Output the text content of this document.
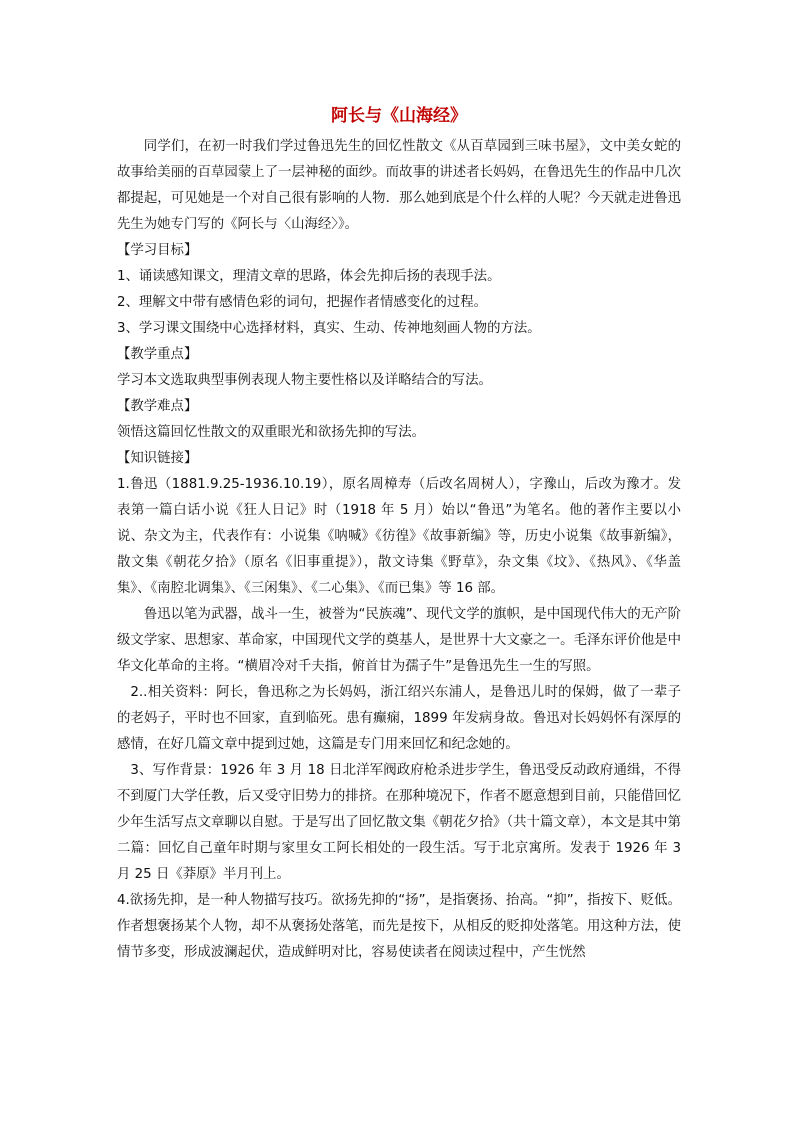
阿长与《山海经》

同学们，在初一时我们学过鲁迅先生的回忆性散文《从百草园到三味书屋》，文中美女蛇的故事给美丽的百草园蒙上了一层神秘的面纱。而故事的讲述者长妈妈，在鲁迅先生的作品中几次都提起，可见她是一个对自己很有影响的人物．那么她到底是个什么样的人呢？今天就走进鲁迅先生为她专门写的《阿长与〈山海经〉》。

【学习目标】

1、诵读感知课文，理清文章的思路，体会先抑后扬的表现手法。

2、理解文中带有感情色彩的词句，把握作者情感变化的过程。

3、学习课文围绕中心选择材料，真实、生动、传神地刻画人物的方法。

【教学重点】

学习本文选取典型事例表现人物主要性格以及详略结合的写法。

【教学难点】

领悟这篇回忆性散文的双重眼光和欲扬先抑的写法。

【知识链接】

1.鲁迅（1881.9.25-1936.10.19），原名周樟寿（后改名周树人），字豫山，后改为豫才。发表第一篇白话小说《狂人日记》时（1918 年 5 月）始以“鲁迅”为笔名。他的著作主要以小说、杂文为主，代表作有：小说集《呐喊》《彷徨》《故事新编》等，历史小说集《故事新编》，散文集《朝花夕拾》（原名《旧事重提》），散文诗集《野草》，杂文集《坟》、《热风》、《华盖集》、《南腔北调集》、《三闲集》、《二心集》、《而已集》等 16 部。

鲁迅以笔为武器，战斗一生，被誉为“民族魂”、现代文学的旗帜，是中国现代伟大的无产阶级文学家、思想家、革命家，中国现代文学的奠基人，是世界十大文豪之一。毛泽东评价他是中华文化革命的主将。“横眉冷对千夫指，俯首甘为孺子牛”是鲁迅先生一生的写照。

2..相关资料：阿长，鲁迅称之为长妈妈，浙江绍兴东浦人，是鲁迅儿时的保姆，做了一辈子的老妈子，平时也不回家，直到临死。患有癫痫，1899 年发病身故。鲁迅对长妈妈怀有深厚的感情，在好几篇文章中提到过她，这篇是专门用来回忆和纪念她的。

3、写作背景：1926 年 3 月 18 日北洋军阀政府枪杀进步学生，鲁迅受反动政府通缉，不得不到厦门大学任教，后又受守旧势力的排挤。在那种境况下，作者不愿意想到目前，只能借回忆少年生活写点文章聊以自慰。于是写出了回忆散文集《朝花夕拾》（共十篇文章），本文是其中第二篇：回忆自己童年时期与家里女工阿长相处的一段生活。写于北京寓所。发表于 1926 年 3 月 25 日《莽原》半月刊上。

4.欲扬先抑，是一种人物描写技巧。欲扬先抑的“扬”，是指褒扬、抬高。“抑”，指按下、贬低。作者想褒扬某个人物，却不从褒扬处落笔，而先是按下，从相反的贬抑处落笔。用这种方法，使情节多变，形成波澜起伏，造成鲜明对比，容易使读者在阅读过程中，产生恍然
